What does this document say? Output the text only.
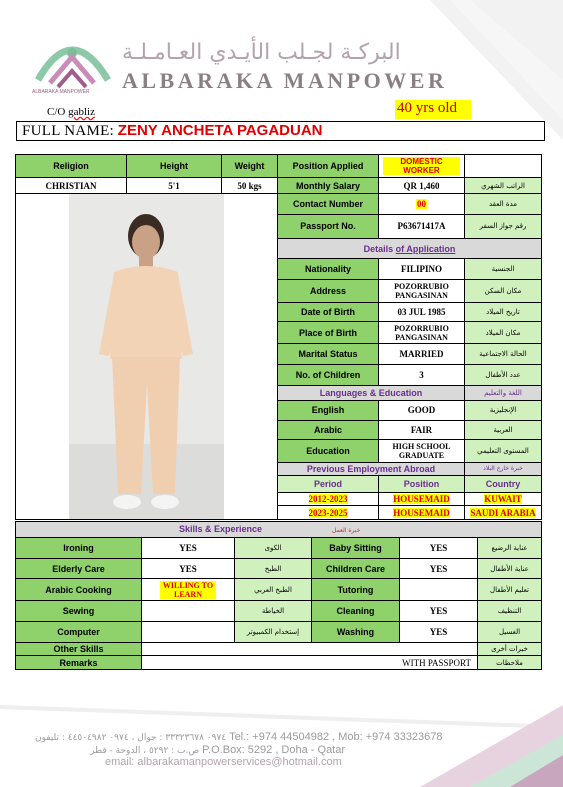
ALBARAKA MANPOWER
البركـة لجـلب الأيـدي العـامـلـة
ALBARAKA MANPOWER
C/O gabliz	40 yrs old
FULL NAME: ZENY ANCHETA PAGADUAN
Religion	Height	Weight	Position Applied	DOMESTIC WORKER	

CHRISTIAN	5'1	50 kgs	Monthly Salary	QR 1,460	الراتب الشهري

	Contact Number	00	مدة العقد
			Passport No.	P63671417A	رقم جواز السفر
			Details of Application		
			Nationality	FILIPINO	الجنسية
			Address	POZORRUBIO PANGASINAN	مكان السكن
			Date of Birth	03 JUL 1985	تاريخ الميلاد
			Place of Birth	POZORRUBIO PANGASINAN	مكان الميلاد
			Marital Status	MARRIED	الحالة الاجتماعية
			No. of Children	3	عدد الأطفال
			Languages & Education		اللغة والتعليم
			English	GOOD	الإنجليزية
			Arabic	FAIR	العربية
			Education	HIGH SCHOOL GRADUATE	المستوى التعليمي
			Previous Employment Abroad		خبرة خارج البلاد
			Period	Position	Country
			2012-2023	HOUSEMAID	KUWAIT
			2023-2025	HOUSEMAID	SAUDI ARABIA
Skills & Experience خبرة العمل					
Ironing	YES	الكوى	Baby Sitting	YES	عناية الرضيع
Elderly Care	YES	الطبخ	Children Care	YES	عناية الأطفال
Arabic Cooking	WILLING TO LEARN	الطبخ العربي	Tutoring		تعليم الأطفال
Sewing		الخياطة	Cleaning	YES	التنظيف
Computer		إستخدام الكمبيوتر	Washing	YES	الغسيل
Other Skills					خبرات أخرى
Remarks	WITH PASSPORT				ملاحظات
٠٩٧٤ ٣٣٣٢٣٦٧٨ : جوال ، ٠٩٧٤ ٤٤٥٠٤٩٨٢ : تليفون Tel.: +974 44504982 , Mob: +974 33323678
ص.ب : ٥٢٩٢ ، الدوحة - قطر P.O.Box: 5292 , Doha - Qatar
email: albarakamanpowerservices@hotmail.com
